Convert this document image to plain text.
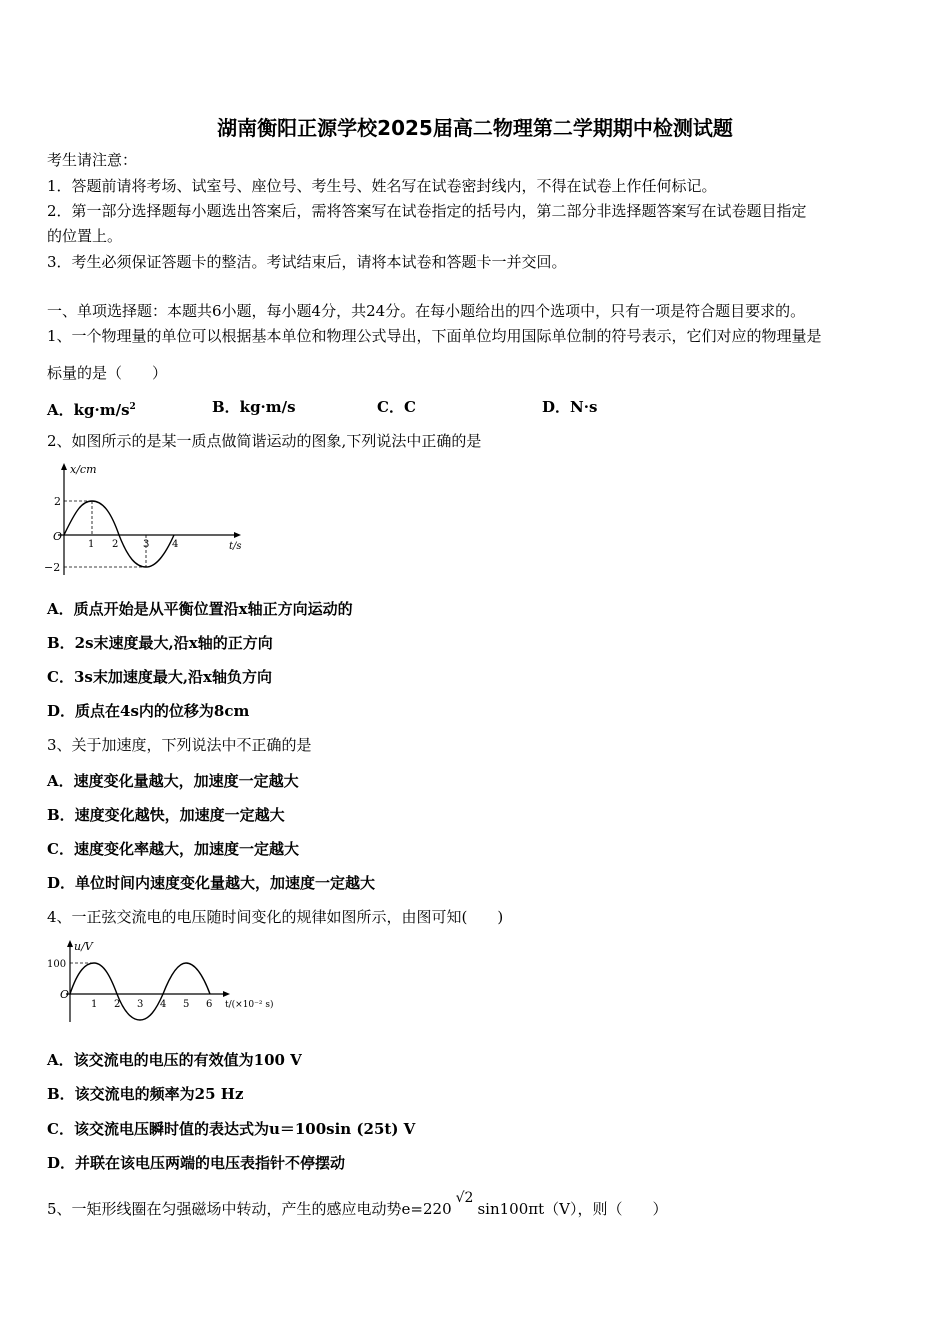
湖南衡阳正源学校2025届高二物理第二学期期中检测试题
考生请注意：
1．答题前请将考场、试室号、座位号、考生号、姓名写在试卷密封线内，不得在试卷上作任何标记。
2．第一部分选择题每小题选出答案后，需将答案写在试卷指定的括号内，第二部分非选择题答案写在试卷题目指定
的位置上。
3．考生必须保证答题卡的整洁。考试结束后，请将本试卷和答题卡一并交回。
一、单项选择题：本题共6小题，每小题4分，共24分。在每小题给出的四个选项中，只有一项是符合题目要求的。
1、一个物理量的单位可以根据基本单位和物理公式导出，下面单位均用国际单位制的符号表示，它们对应的物理量是
标量的是（　　）
A．$kg\cdot m/s^2$	B．kg·m/s	C．C	D．N·s
2、如图所示的是某一质点做简谐运动的图象,下列说法中正确的是
x/cm
t/s
O
2
−2
1 2 3 4
A．质点开始是从平衡位置沿x轴正方向运动的
B．2s末速度最大,沿x轴的正方向
C．3s末加速度最大,沿x轴负方向
D．质点在4s内的位移为8cm
3、关于加速度，下列说法中不正确的是
A．速度变化量越大，加速度一定越大
B．速度变化越快，加速度一定越大
C．速度变化率越大，加速度一定越大
D．单位时间内速度变化量越大，加速度一定越大
4、一正弦交流电的电压随时间变化的规律如图所示，由图可知(　　)
u/V
100
O
1 2 3 4 5 6 t/(×10⁻² s)
A．该交流电的电压的有效值为100 V
B．该交流电的频率为25 Hz
C．该交流电压瞬时值的表达式为u＝100sin (25t) V
D．并联在该电压两端的电压表指针不停摆动
5、一矩形线圈在匀强磁场中转动，产生的感应电动势e=220√2sin100πt（V），则（　　）
